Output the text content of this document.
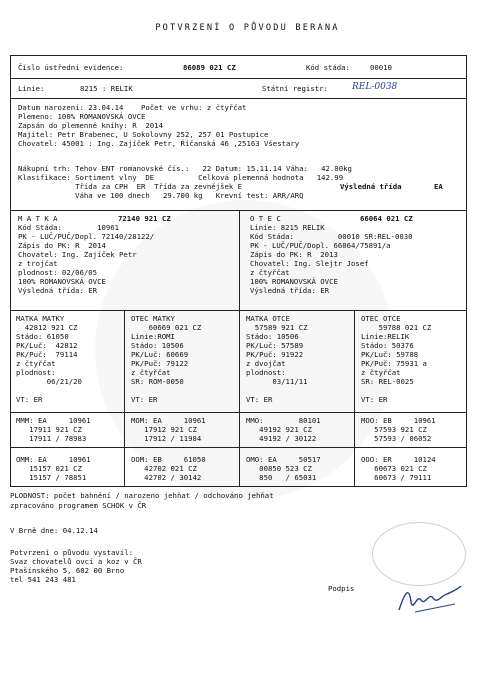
POTVRZENÍ O PŮVODU BERANA
Číslo ústřední evidence:	86089 021 CZ	Kód stáda:	00010
Linie:	8215 : RELIK	Státní registr:	REL-0038
Datum narození: 23.04.14    Počet ve vrhu: z čtyřčat
Plemeno: 100% ROMANOVSKÁ OVCE
Zapsán do plemenné knihy: R  2014
Majitel: Petr Brabenec, U Sokolovny 252, 257 01 Postupice
Chovatel: 45001 : Ing. Zajíček Petr, Říčanská 46 ,25163 Všestary
Nákupní trh: Tehov ENT romanovské čís.:   22 Datum: 15.11.14 Váha:   42.00kg
Klasifikace: Sortiment vlny  DE          Celková plemenná hodnota   142.99
Třída za CPH  ER  Třída za zevnějšek E	Výsledná třída	EA
Váha ve 100 dnech   29.700 kg   Krevní test: ARR/ARQ
M A T K A	72140 921 CZ
Kód Stáda:        10961
PK - LUČ/PUČ/Dopl. 72140/28122/
Zápis do PK: R  2014
Chovatel: Ing. Zajíček Petr
z trojčat
plodnost: 02/06/05
100% ROMANOVSKÁ OVCE
Výsledná třída: ER
O T E C	66064 021 CZ
Linie: 8215 RELIK
Kód Stáda:          00010 SR:REL-0030
PK - LUČ/PUČ/Dopl. 66064/75891/a
Zápis do PK: R  2013
Chovatel: Ing. Slejtr Josef
z čtyřčat
100% ROMANOVSKÁ OVCE
Výsledná třída: ER
MATKA MATKY
42812 921 CZ
Stádo: 61050
PK/Luč:  42812
PK/Puč:  79114
z čtyřčat
plodnost:
06/21/20
VT: ER
OTEC MATKY
60669 021 CZ
Linie:ROMI
Stádo: 10506
PK/Luč: 60669
PK/Puč: 79122
z čtyřčat
SR: ROM-0050
VT: ER
MATKA OTCE
57589 921 CZ
Stádo: 10506
PK/Luč: 57589
PK/Puč: 91922
z dvojčat
plodnost:
03/11/11
VT: ER
OTEC OTCE
59788 021 CZ
Linie:RELIK
Stádo: 50376
PK/Luč: 59788
PK/Puč: 75931 a
z čtyřčat
SR: REL-0025
VT: ER
MMM: EA     10961
17911 921 CZ
17911 / 78983
MOM: EA     10961
17912 921 CZ
17912 / 11984
MMO:        80101
49192 921 CZ
49192 / 30122
MOO: EB     10961
57593 921 CZ
57593 / 06052
OMM: EA     10961
15157 021 CZ
15157 / 78851
OOM: EB     61050
42702 021 CZ
42702 / 30142
OMO: EA     50517
00850 523 CZ
850   / 65031
OOO: ER     10124
60673 021 CZ
60673 / 79111
PLODNOST: počet bahnění / narozeno jehňat / odchováno jehňat
zpracováno programem SCHOK v ČR
V Brně dne: 04.12.14
Potvrzení o původu vystavil:
Svaz chovatelů ovcí a koz v ČR
Ptašínského 5, 602 00 Brno
tel 541 243 481
Podpis
